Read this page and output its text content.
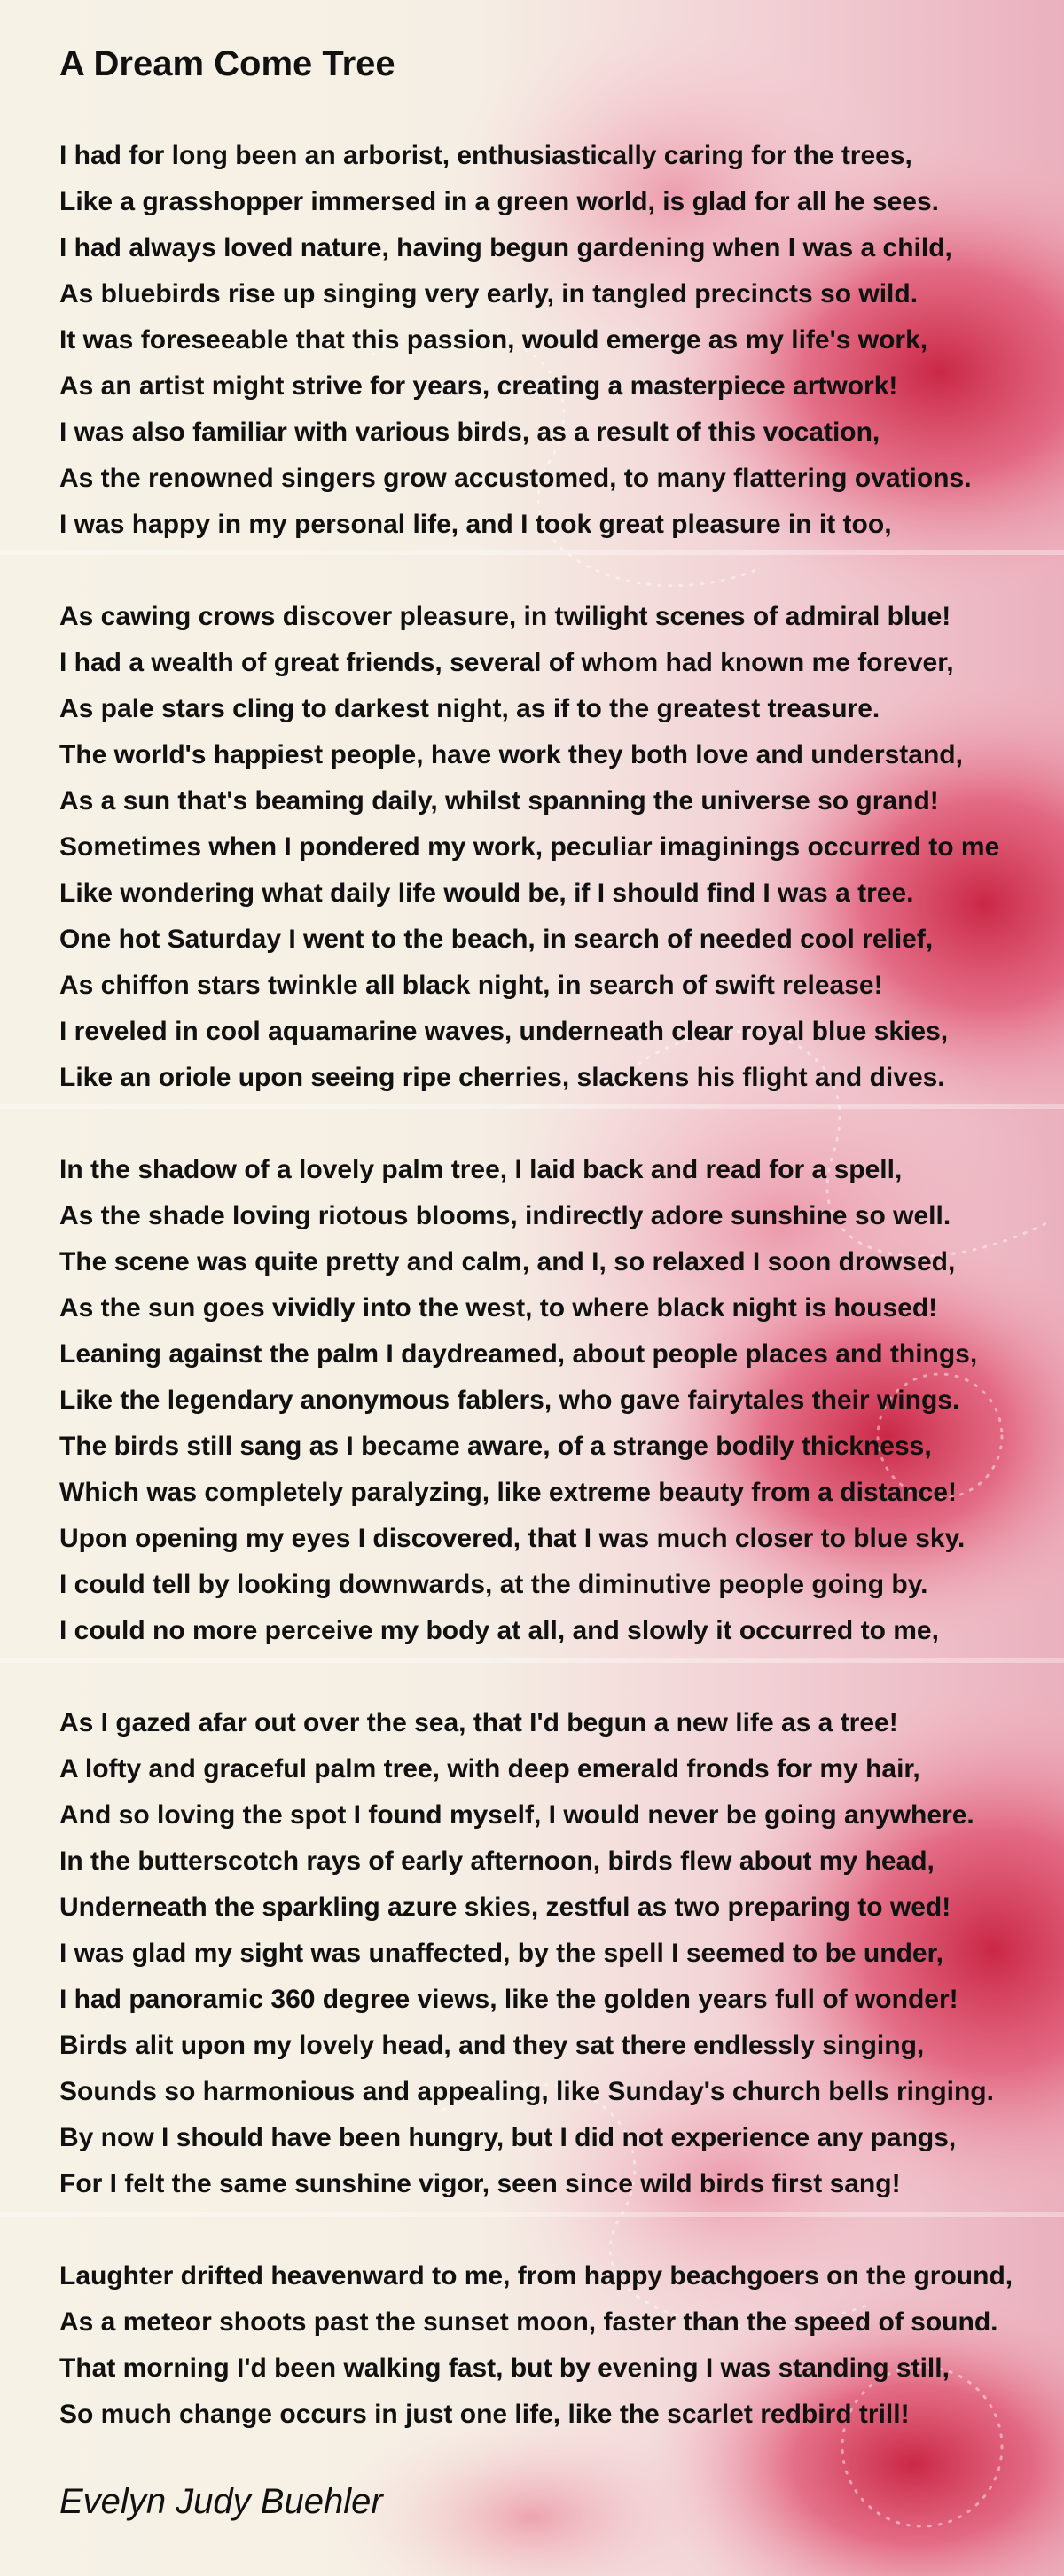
A Dream Come Tree
I had for long been an arborist, enthusiastically caring for the trees,
Like a grasshopper immersed in a green world, is glad for all he sees.
I had always loved nature, having begun gardening when I was a child,
As bluebirds rise up singing very early, in tangled precincts so wild.
It was foreseeable that this passion, would emerge as my life's work,
As an artist might strive for years, creating a masterpiece artwork!
I was also familiar with various birds, as a result of this vocation,
As the renowned singers grow accustomed, to many flattering ovations.
I was happy in my personal life, and I took great pleasure in it too,
As cawing crows discover pleasure, in twilight scenes of admiral blue!
I had a wealth of great friends, several of whom had known me forever,
As pale stars cling to darkest night, as if to the greatest treasure.
The world's happiest people, have work they both love and understand,
As a sun that's beaming daily, whilst spanning the universe so grand!
Sometimes when I pondered my work, peculiar imaginings occurred to me
Like wondering what daily life would be, if I should find I was a tree.
One hot Saturday I went to the beach, in search of needed cool relief,
As chiffon stars twinkle all black night, in search of swift release!
I reveled in cool aquamarine waves, underneath clear royal blue skies,
Like an oriole upon seeing ripe cherries, slackens his flight and dives.
In the shadow of a lovely palm tree, I laid back and read for a spell,
As the shade loving riotous blooms, indirectly adore sunshine so well.
The scene was quite pretty and calm, and I, so relaxed I soon drowsed,
As the sun goes vividly into the west, to where black night is housed!
Leaning against the palm I daydreamed, about people places and things,
Like the legendary anonymous fablers, who gave fairytales their wings.
The birds still sang as I became aware, of a strange bodily thickness,
Which was completely paralyzing, like extreme beauty from a distance!
Upon opening my eyes I discovered, that I was much closer to blue sky.
I could tell by looking downwards, at the diminutive people going by.
I could no more perceive my body at all, and slowly it occurred to me,
As I gazed afar out over the sea, that I'd begun a new life as a tree!
A lofty and graceful palm tree, with deep emerald fronds for my hair,
And so loving the spot I found myself, I would never be going anywhere.
In the butterscotch rays of early afternoon, birds flew about my head,
Underneath the sparkling azure skies, zestful as two preparing to wed!
I was glad my sight was unaffected, by the spell I seemed to be under,
I had panoramic 360 degree views, like the golden years full of wonder!
Birds alit upon my lovely head, and they sat there endlessly singing,
Sounds so harmonious and appealing, like Sunday's church bells ringing.
By now I should have been hungry, but I did not experience any pangs,
For I felt the same sunshine vigor, seen since wild birds first sang!
Laughter drifted heavenward to me, from happy beachgoers on the ground,
As a meteor shoots past the sunset moon, faster than the speed of sound.
That morning I'd been walking fast, but by evening I was standing still,
So much change occurs in just one life, like the scarlet redbird trill!

Evelyn Judy Buehler
